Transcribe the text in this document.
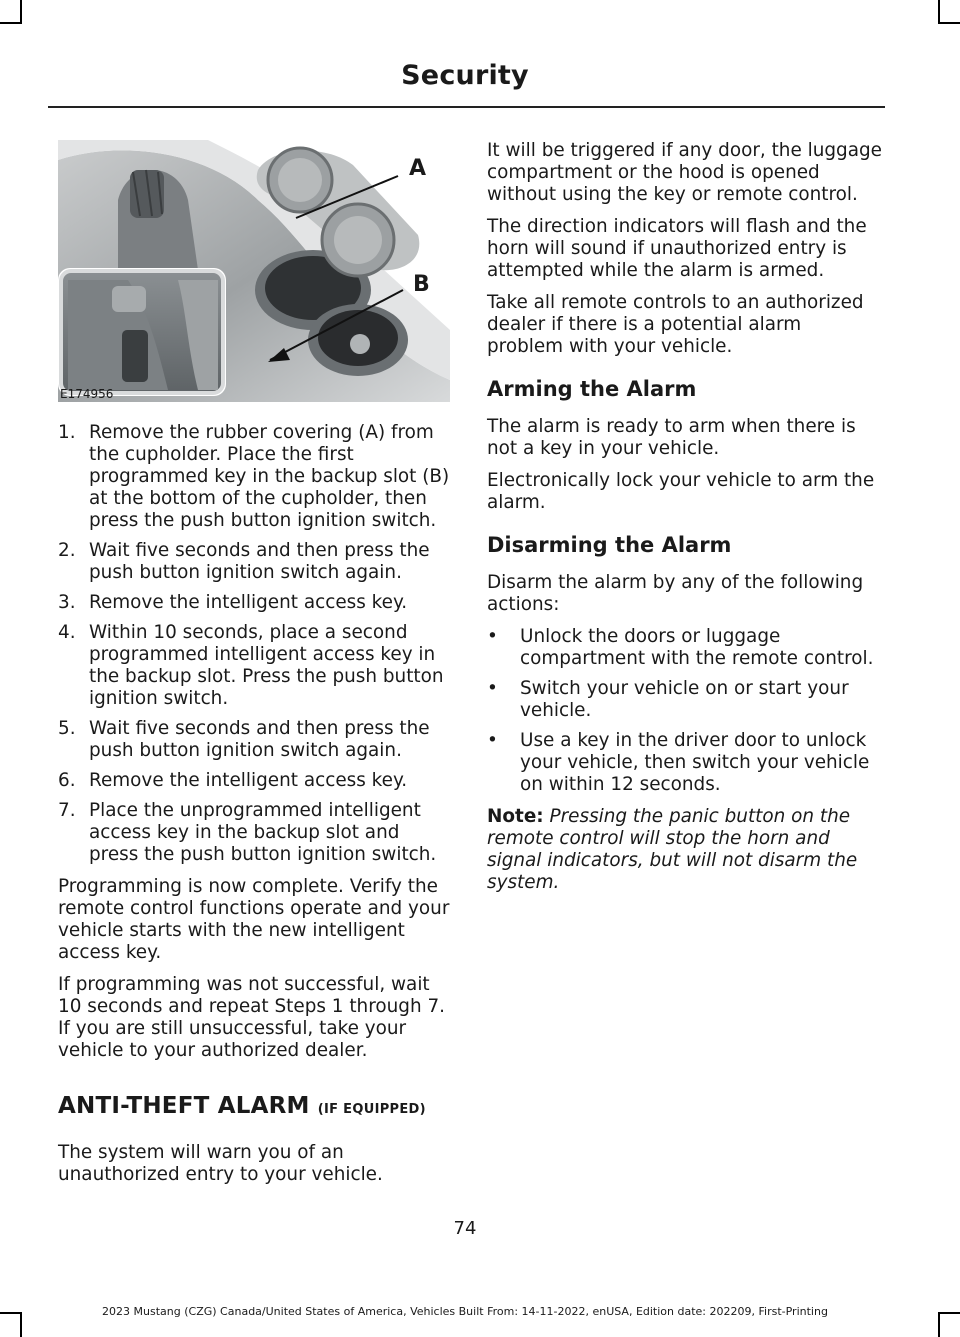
Security
A
B
E174956
1. Remove the rubber covering (A) from the cupholder. Place the first programmed key in the backup slot (B) at the bottom of the cupholder, then press the push button ignition switch.
2. Wait five seconds and then press the push button ignition switch again.
3. Remove the intelligent access key.
4. Within 10 seconds, place a second programmed intelligent access key in the backup slot. Press the push button ignition switch.
5. Wait five seconds and then press the push button ignition switch again.
6. Remove the intelligent access key.
7. Place the unprogrammed intelligent access key in the backup slot and press the push button ignition switch.

Programming is now complete. Verify the remote control functions operate and your vehicle starts with the new intelligent access key.

If programming was not successful, wait 10 seconds and repeat Steps 1 through 7. If you are still unsuccessful, take your vehicle to your authorized dealer.

ANTI-THEFT ALARM (IF EQUIPPED)

The system will warn you of an unauthorized entry to your vehicle.

It will be triggered if any door, the luggage compartment or the hood is opened without using the key or remote control.

The direction indicators will flash and the horn will sound if unauthorized entry is attempted while the alarm is armed.

Take all remote controls to an authorized dealer if there is a potential alarm problem with your vehicle.

Arming the Alarm

The alarm is ready to arm when there is not a key in your vehicle.

Electronically lock your vehicle to arm the alarm.

Disarming the Alarm

Disarm the alarm by any of the following actions:

• Unlock the doors or luggage compartment with the remote control.
• Switch your vehicle on or start your vehicle.
• Use a key in the driver door to unlock your vehicle, then switch your vehicle on within 12 seconds.

Note: Pressing the panic button on the remote control will stop the horn and signal indicators, but will not disarm the system.

74
2023 Mustang (CZG) Canada/United States of America, Vehicles Built From: 14-11-2022, enUSA, Edition date: 202209, First-Printing
